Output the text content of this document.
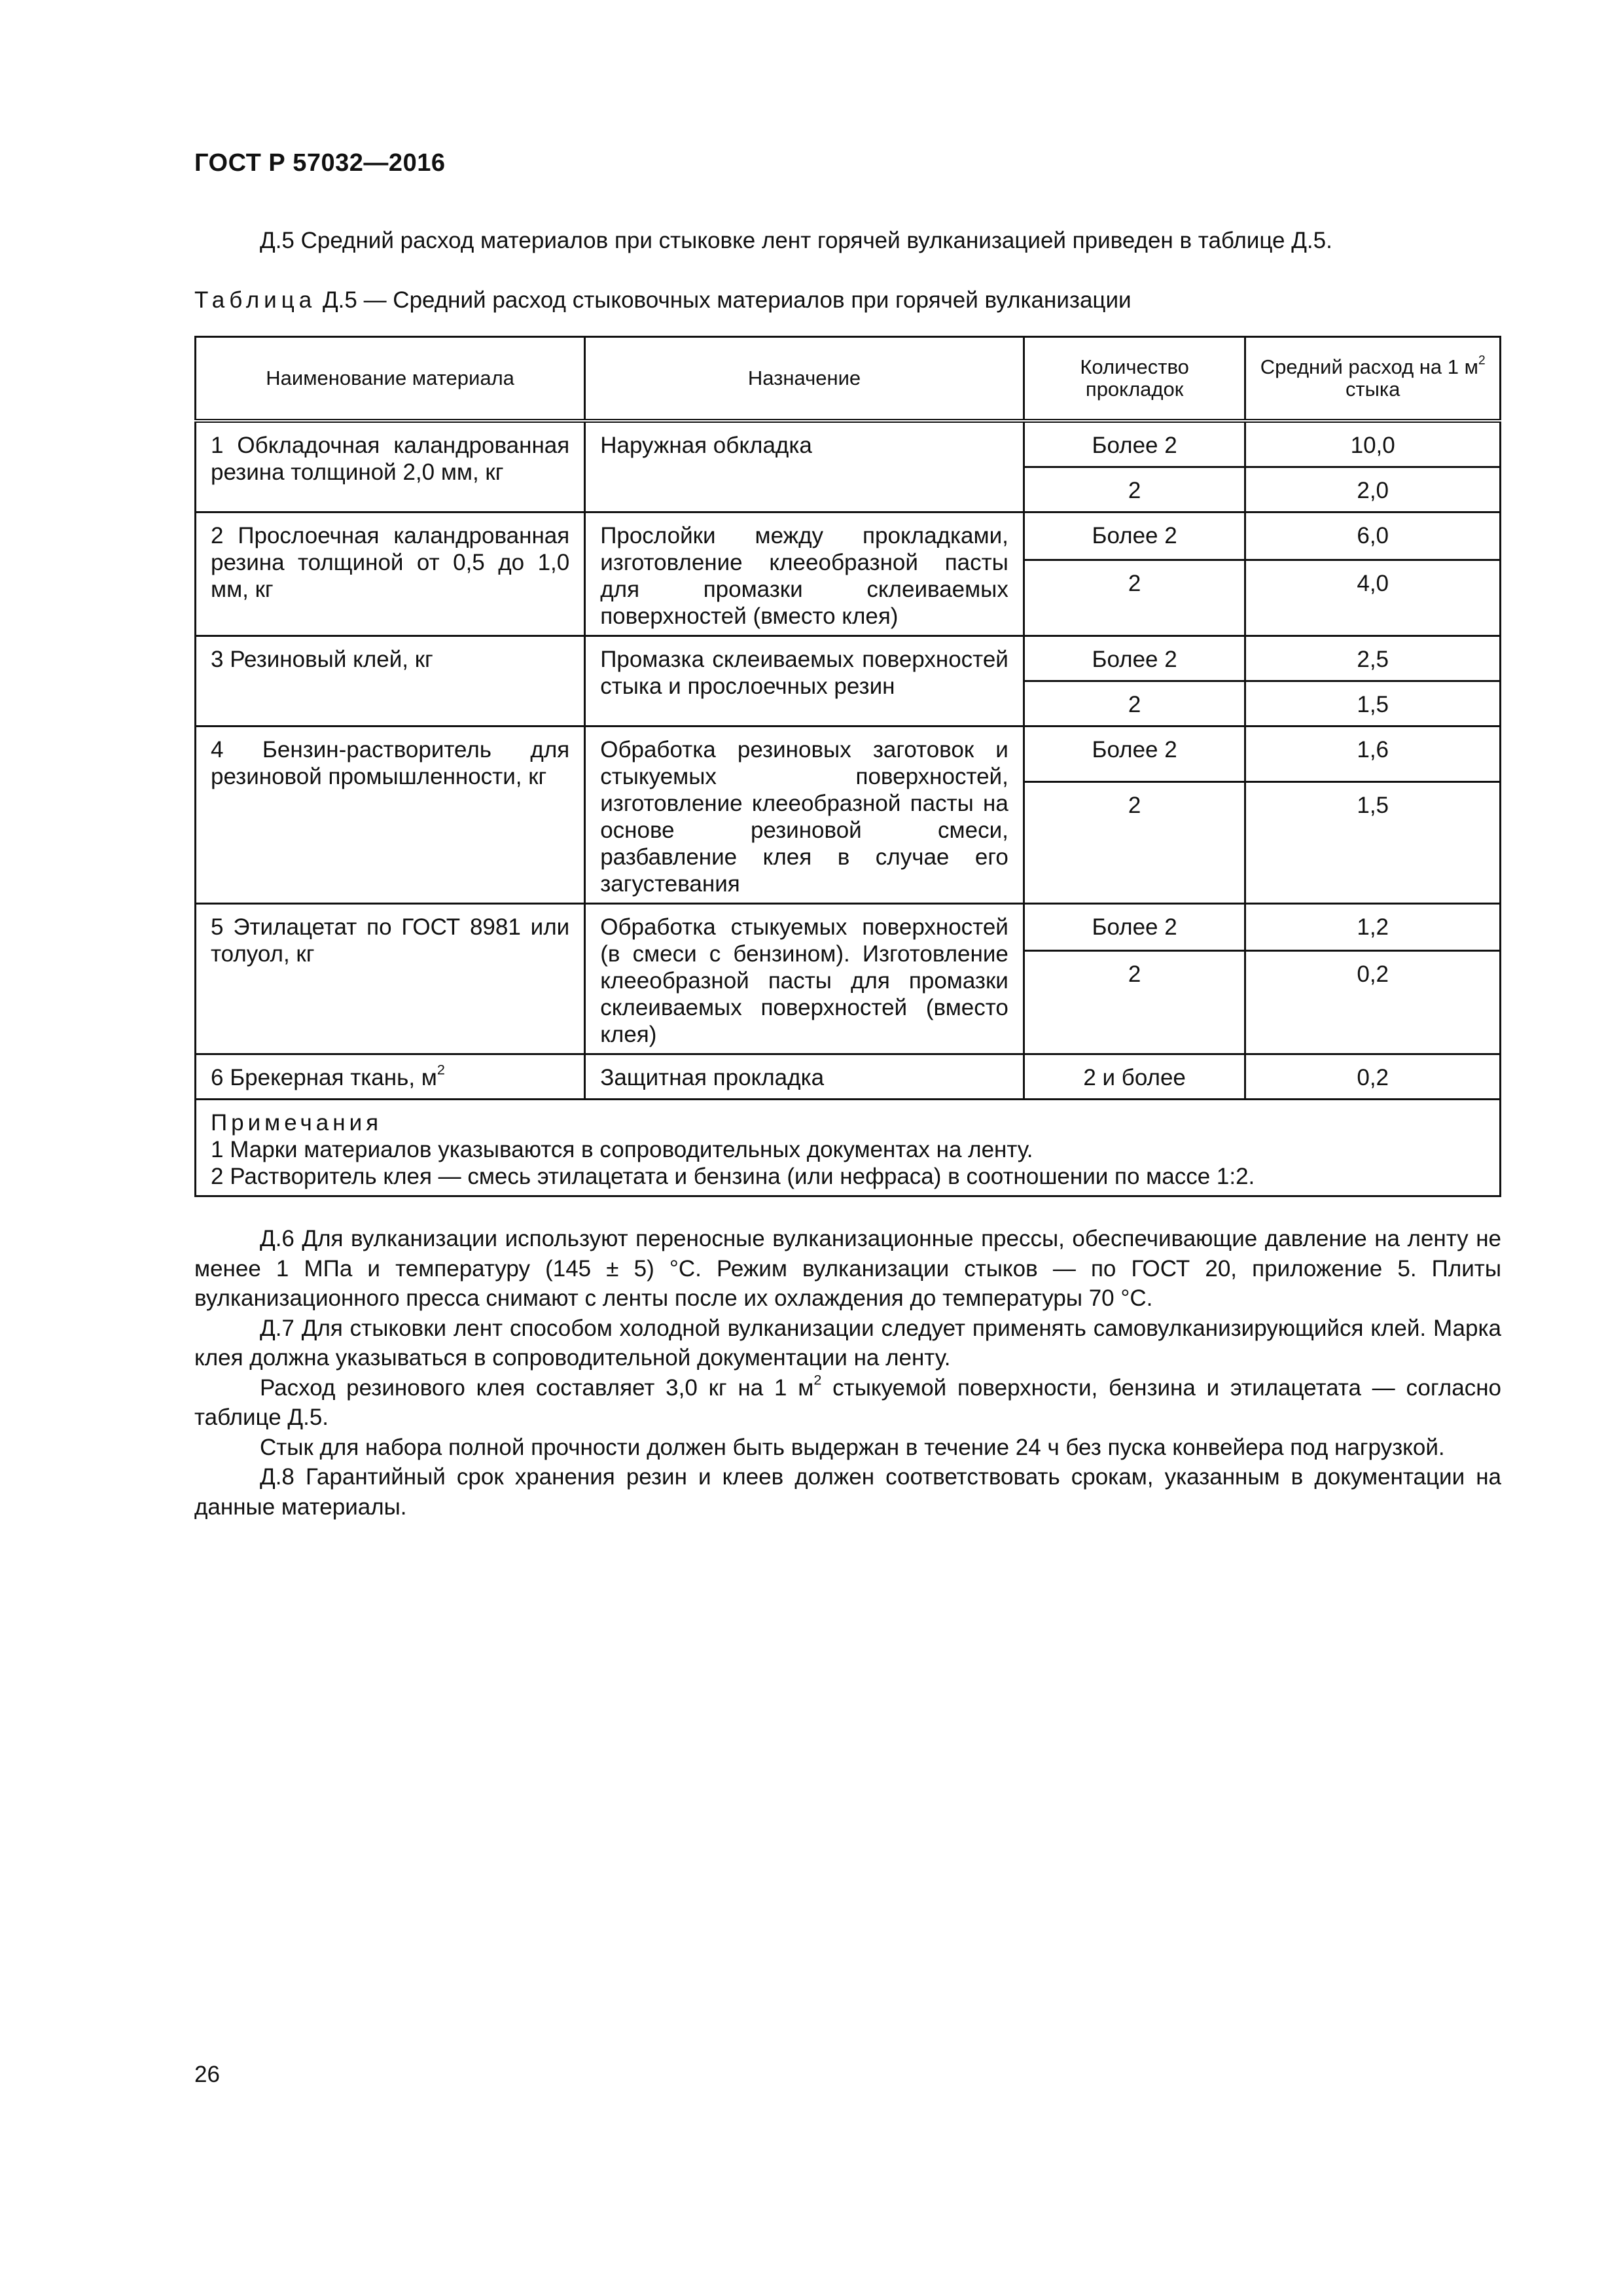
ГОСТ Р 57032—2016
Д.5 Средний расход материалов при стыковке лент горячей вулканизацией приведен в таблице Д.5.
Таблица Д.5 — Средний расход стыковочных материалов при горячей вулканизации
Наименование материала	Назначение	Количество прокладок	Средний расход на 1 $м^2$ стыка
1 Обкладочная каландрованная резина толщиной 2,0 мм, кг	Наружная обкладка	Более 2	10,0
		2	2,0
2 Прослоечная каландрованная резина толщиной от 0,5 до 1,0 мм, кг	Прослойки между прокладками, изготовление клееобразной пасты для промазки склеиваемых поверхностей (вместо клея)	Более 2	6,0
		2	4,0
3 Резиновый клей, кг	Промазка склеиваемых поверхностей стыка и прослоечных резин	Более 2	2,5
		2	1,5
4 Бензин-растворитель для резиновой промышленности, кг	Обработка резиновых заготовок и стыкуемых поверхностей, изготовление клееобразной пасты на основе резиновой смеси, разбавление клея в случае его загустевания	Более 2	1,6
		2	1,5
5 Этилацетат по ГОСТ 8981 или толуол, кг	Обработка стыкуемых поверхностей (в смеси с бензином). Изготовление клееобразной пасты для промазки склеиваемых поверхностей (вместо клея)	Более 2	1,2
		2	0,2
6 Брекерная ткань, $м^2$	Защитная прокладка	2 и более	0,2

Примечания
1 Марки материалов указываются в сопроводительных документах на ленту.
2 Растворитель клея — смесь этилацетата и бензина (или нефраса) в соотношении по массе 1:2.			

Д.6 Для вулканизации используют переносные вулканизационные прессы, обеспечивающие давление на ленту не менее 1 МПа и температуру (145 ± 5) °С. Режим вулканизации стыков — по ГОСТ 20, приложение 5. Плиты вулканизационного пресса снимают с ленты после их охлаждения до температуры 70 °С.

Д.7 Для стыковки лент способом холодной вулканизации следует применять самовулканизирующийся клей. Марка клея должна указываться в сопроводительной документации на ленту.

Расход резинового клея составляет 3,0 кг на 1 $м^2$ стыкуемой поверхности, бензина и этилацетата — согласно таблице Д.5.

Стык для набора полной прочности должен быть выдержан в течение 24 ч без пуска конвейера под нагрузкой.

Д.8 Гарантийный срок хранения резин и клеев должен соответствовать срокам, указанным в документации на данные материалы.

26
